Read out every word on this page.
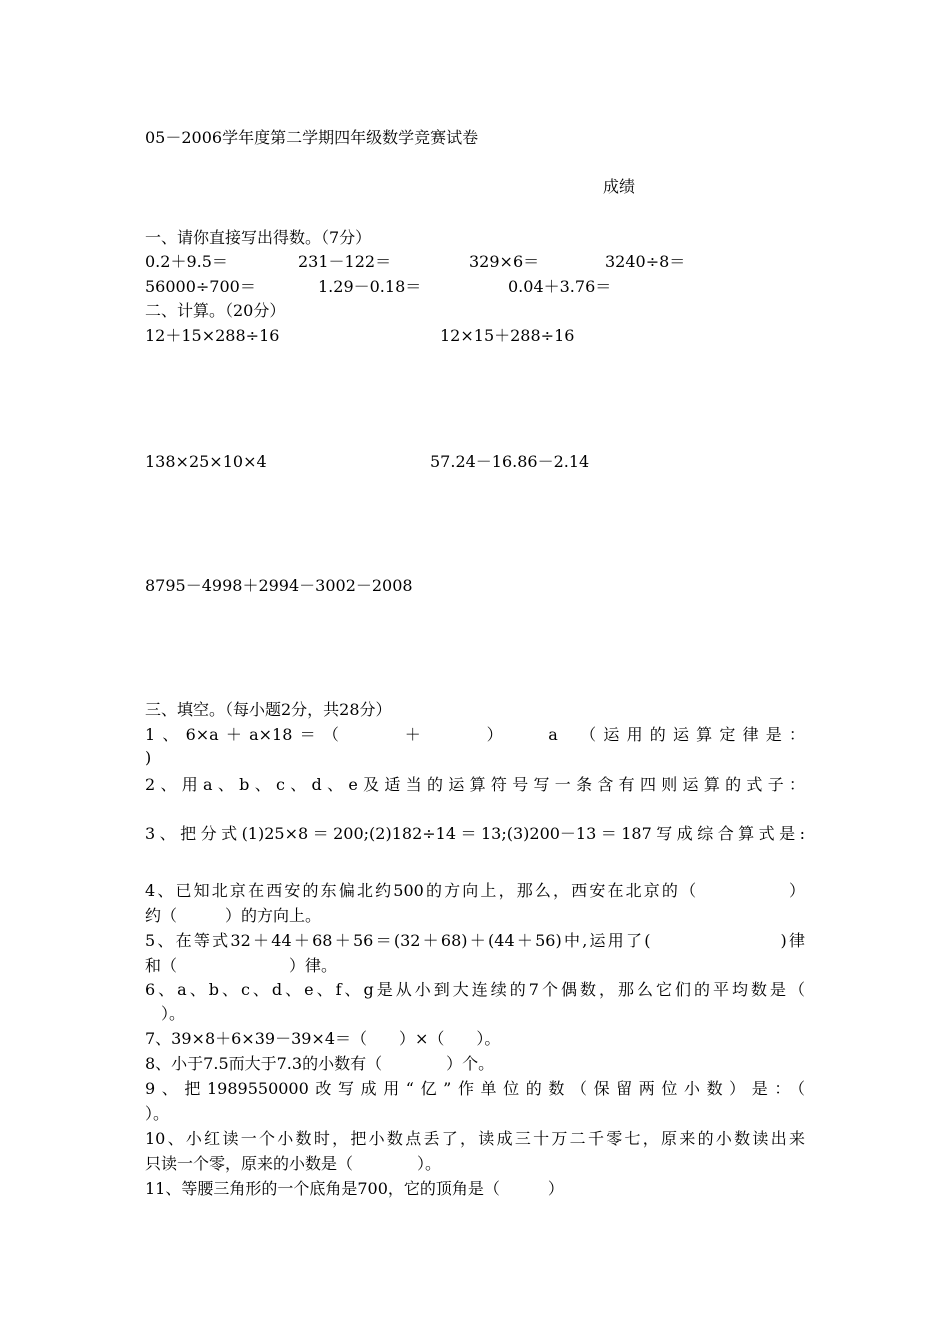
05－2006学年度第二学期四年级数学竞赛试卷
成绩
一、请你直接写出得数。（7分）
0.2＋9.5＝	231－122＝	329×6＝	3240÷8＝
56000÷700＝	1.29－0.18＝	0.04＋3.76＝
二、计算。（20分）
12＋15×288÷16	12×15＋288÷16
138×25×10×4	57.24－16.86－2.14
8795－4998＋2994－3002－2008
三、填空。（每小题2分，共28分）
1、6×a＋a×18＝（　　 ＋　　 ）　　a　（运用的运算定律是：
)
2、用a、b、c、d、e及适当的运算符号写一条含有四则运算的式子：
3、把分式(1)25×8＝200;(2)182÷14＝13;(3)200－13＝187写成综合算式是:
4、已知北京在西安的东偏北约500的方向上，那么，西安在北京的（　　　　　）
约（　　　）的方向上。
5、在等式32＋44＋68＋56＝(32＋68)＋(44＋56)中,运用了(　　　　　　　)律
和（　　　　　　　）律。
6、a、b、c、d、e、f、g是从小到大连续的7个偶数，那么它们的平均数是（
　）。
7、39×8＋6×39－39×4＝（　　）×（　　）。
8、小于7.5而大于7.3的小数有（　　　　）个。
9、把1989550000改写成用“亿”作单位的数（保留两位小数）是：（
）。
10、小红读一个小数时，把小数点丢了，读成三十万二千零七，原来的小数读出来
只读一个零，原来的小数是（　　　　）。
11、等腰三角形的一个底角是700，它的顶角是（　　　）
